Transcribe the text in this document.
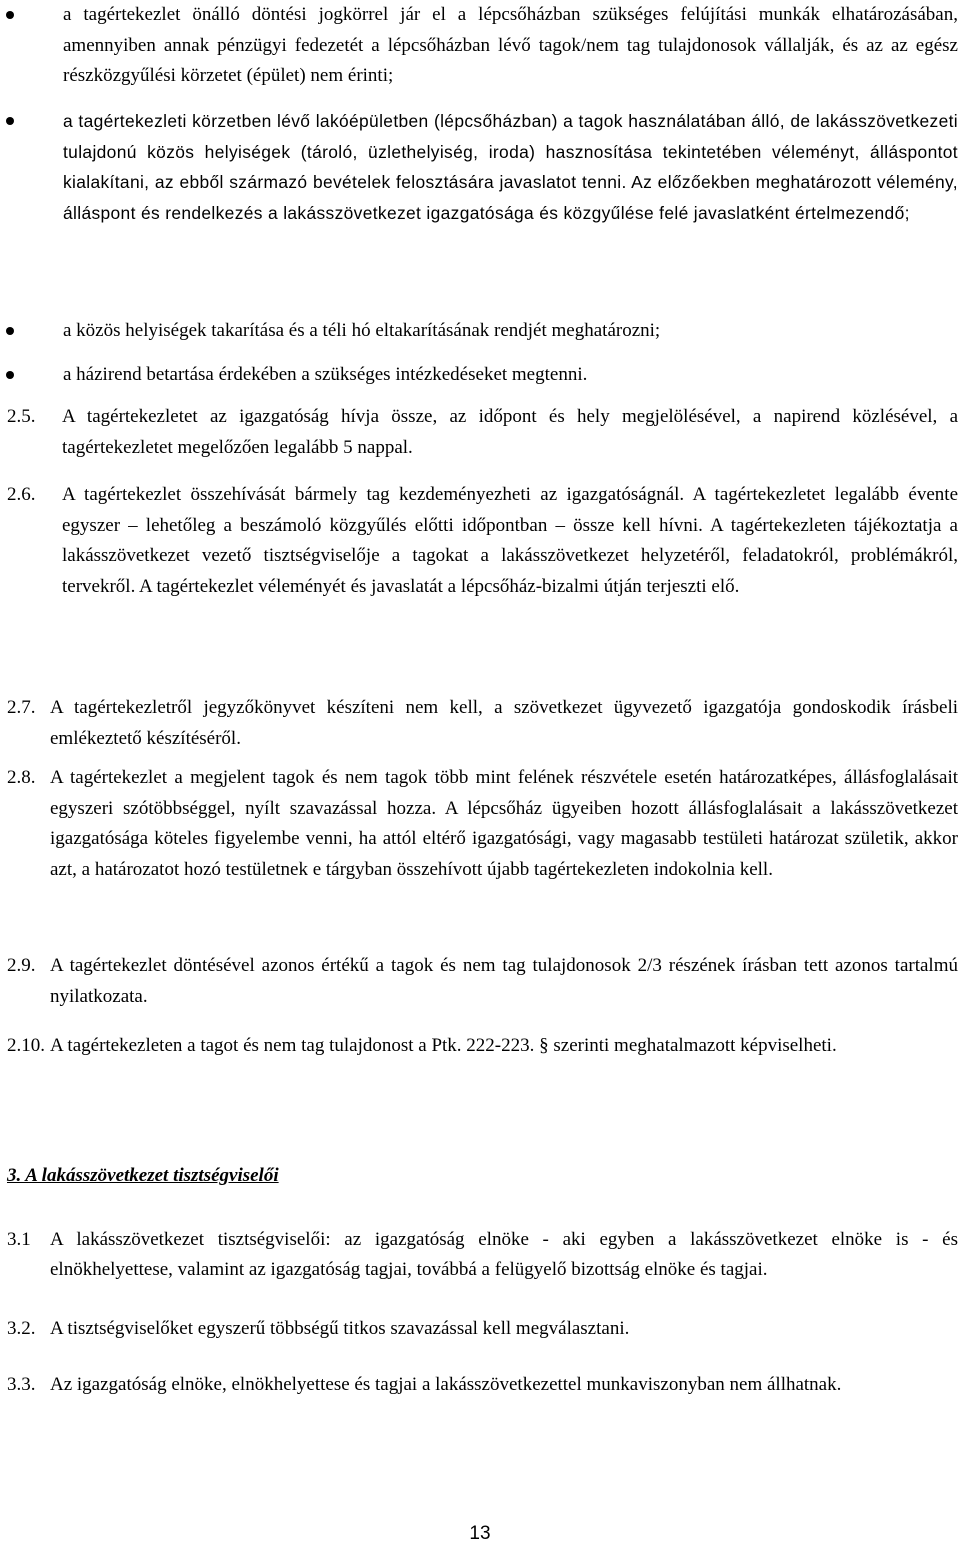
a tagértekezlet önálló döntési jogkörrel jár el a lépcsőházban szükséges felújítási munkák elhatározásában, amennyiben annak pénzügyi fedezetét a lépcsőházban lévő tagok/nem tag tulajdonosok vállalják, és az az egész részközgyűlési körzetet (épület) nem érinti;
a tagértekezleti körzetben lévő lakóépületben (lépcsőházban) a tagok használatában álló, de lakásszövetkezeti tulajdonú közös helyiségek (tároló, üzlethelyiség, iroda) hasznosítása tekintetében véleményt, álláspontot kialakítani, az ebből származó bevételek felosztására javaslatot tenni. Az előzőekben meghatározott vélemény, álláspont és rendelkezés a lakásszövetkezet igazgatósága és közgyűlése felé javaslatként értelmezendő;
a közös helyiségek takarítása és a téli hó eltakarításának rendjét meghatározni;
a házirend betartása érdekében a szükséges intézkedéseket megtenni.
2.5.	A tagértekezletet az igazgatóság hívja össze, az időpont és hely megjelölésével, a napirend közlésével, a tagértekezletet megelőzően legalább 5 nappal.
2.6.	A tagértekezlet összehívását bármely tag kezdeményezheti az igazgatóságnál. A tagértekezletet legalább évente egyszer – lehetőleg a beszámoló közgyűlés előtti időpontban – össze kell hívni. A tagértekezleten tájékoztatja a lakásszövetkezet vezető tisztségviselője a tagokat a lakásszövetkezet helyzetéről, feladatokról, problémákról, tervekről. A tagértekezlet véleményét és javaslatát a lépcsőház-bizalmi útján terjeszti elő.
2.7. A tagértekezletről jegyzőkönyvet készíteni nem kell, a szövetkezet ügyvezető igazgatója gondoskodik írásbeli emlékeztető készítéséről.
2.8. A tagértekezlet a megjelent tagok és nem tagok több mint felének részvétele esetén határozatképes, állásfoglalásait egyszeri szótöbbséggel, nyílt szavazással hozza. A lépcsőház ügyeiben hozott állásfoglalásait a lakásszövetkezet igazgatósága köteles figyelembe venni, ha attól eltérő igazgatósági, vagy magasabb testületi határozat születik, akkor azt, a határozatot hozó testületnek e tárgyban összehívott újabb tagértekezleten indokolnia kell.
2.9. A tagértekezlet döntésével azonos értékű a tagok és nem tag tulajdonosok 2/3 részének írásban tett azonos tartalmú nyilatkozata.
2.10. A tagértekezleten a tagot és nem tag tulajdonost a Ptk. 222-223. § szerinti meghatalmazott képviselheti.
3. A lakásszövetkezet tisztségviselői
3.1	A lakásszövetkezet tisztségviselői: az igazgatóság elnöke - aki egyben a lakásszövetkezet elnöke is - és elnökhelyettese, valamint az igazgatóság tagjai, továbbá a felügyelő bizottság elnöke és tagjai.
3.2. A tisztségviselőket egyszerű többségű titkos szavazással kell megválasztani.
3.3. Az igazgatóság elnöke, elnökhelyettese és tagjai a lakásszövetkezettel munkaviszonyban nem állhatnak.
13
